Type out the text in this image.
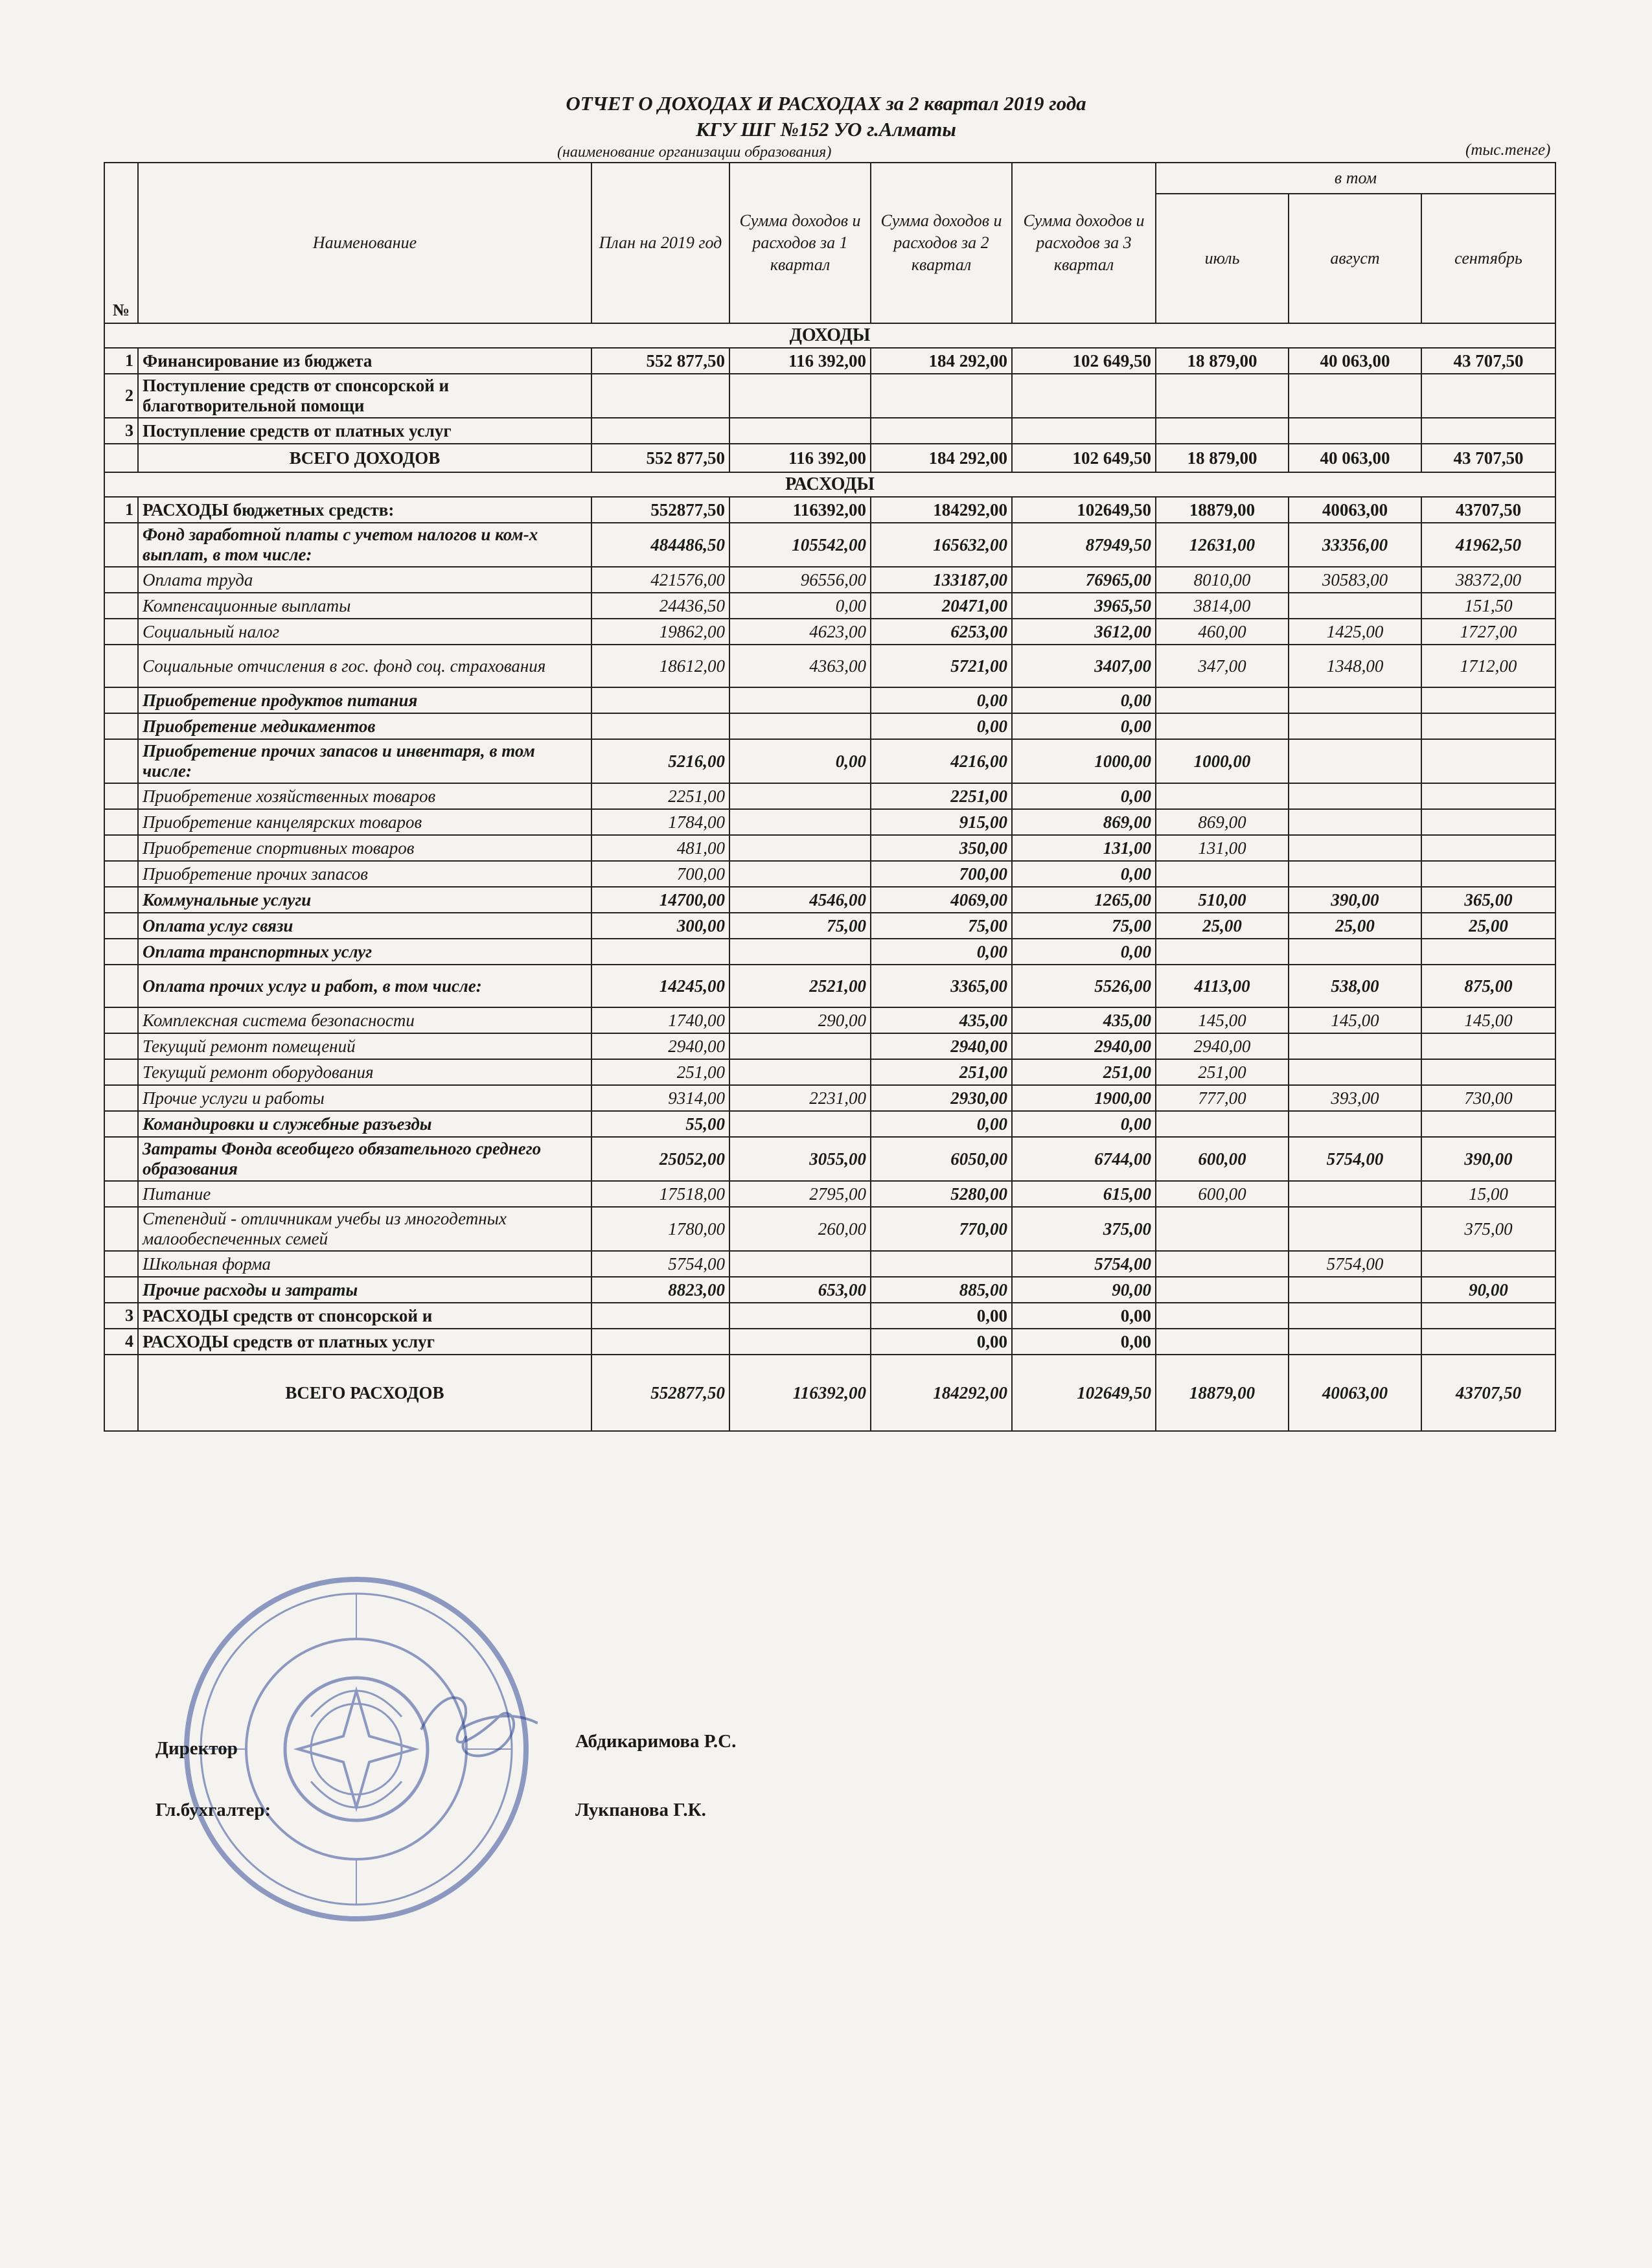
ОТЧЕТ О ДОХОДАХ И РАСХОДАХ за 2 квартал 2019 года
КГУ ШГ №152 УО г.Алматы
(наименование организации образования)	(тыс.тенге)
№	Наименование	План на 2019 год	Сумма доходов и расходов за 1 квартал	Сумма доходов и расходов за 2 квартал	Сумма доходов и расходов за 3 квартал	в том		
						июль	август	сентябрь
ДОХОДЫ								
1	Финансирование из бюджета	552 877,50	116 392,00	184 292,00	102 649,50	18 879,00	40 063,00	43 707,50
2	Поступление средств от спонсорской и благотворительной помощи							
3	Поступление средств от платных услуг							
	ВСЕГО ДОХОДОВ	552 877,50	116 392,00	184 292,00	102 649,50	18 879,00	40 063,00	43 707,50
РАСХОДЫ								
1	РАСХОДЫ бюджетных средств:	552877,50	116392,00	184292,00	102649,50	18879,00	40063,00	43707,50
	Фонд заработной платы с учетом налогов и ком-х выплат, в том числе:	484486,50	105542,00	165632,00	87949,50	12631,00	33356,00	41962,50
	Оплата труда	421576,00	96556,00	133187,00	76965,00	8010,00	30583,00	38372,00
	Компенсационные выплаты	24436,50	0,00	20471,00	3965,50	3814,00		151,50
	Социальный налог	19862,00	4623,00	6253,00	3612,00	460,00	1425,00	1727,00
	Социальные отчисления в гос. фонд соц. страхования	18612,00	4363,00	5721,00	3407,00	347,00	1348,00	1712,00
	Приобретение продуктов питания			0,00	0,00			
	Приобретение медикаментов			0,00	0,00			
	Приобретение прочих запасов и инвентаря, в том числе:	5216,00	0,00	4216,00	1000,00	1000,00		
	Приобретение хозяйственных товаров	2251,00		2251,00	0,00			
	Приобретение канцелярских товаров	1784,00		915,00	869,00	869,00		
	Приобретение спортивных товаров	481,00		350,00	131,00	131,00		
	Приобретение прочих запасов	700,00		700,00	0,00			
	Коммунальные услуги	14700,00	4546,00	4069,00	1265,00	510,00	390,00	365,00
	Оплата услуг связи	300,00	75,00	75,00	75,00	25,00	25,00	25,00
	Оплата транспортных услуг			0,00	0,00			
	Оплата прочих услуг и работ, в том числе:	14245,00	2521,00	3365,00	5526,00	4113,00	538,00	875,00
	Комплексная система безопасности	1740,00	290,00	435,00	435,00	145,00	145,00	145,00
	Текущий ремонт помещений	2940,00		2940,00	2940,00	2940,00		
	Текущий ремонт оборудования	251,00		251,00	251,00	251,00		
	Прочие услуги и работы	9314,00	2231,00	2930,00	1900,00	777,00	393,00	730,00
	Командировки и служебные разъезды	55,00		0,00	0,00			
	Затраты Фонда всеобщего обязательного среднего образования	25052,00	3055,00	6050,00	6744,00	600,00	5754,00	390,00
	Питание	17518,00	2795,00	5280,00	615,00	600,00		15,00
	Степендий - отличникам учебы из многодетных малообеспеченных семей	1780,00	260,00	770,00	375,00			375,00
	Школьная форма	5754,00			5754,00		5754,00	
	Прочие расходы и затраты	8823,00	653,00	885,00	90,00			90,00
3	РАСХОДЫ средств от спонсорской и			0,00	0,00			
4	РАСХОДЫ средств от платных услуг			0,00	0,00			
	ВСЕГО РАСХОДОВ	552877,50	116392,00	184292,00	102649,50	18879,00	40063,00	43707,50
Директор	Абдикаримова Р.С.
Гл.бухгалтер:	Лукпанова Г.К.
